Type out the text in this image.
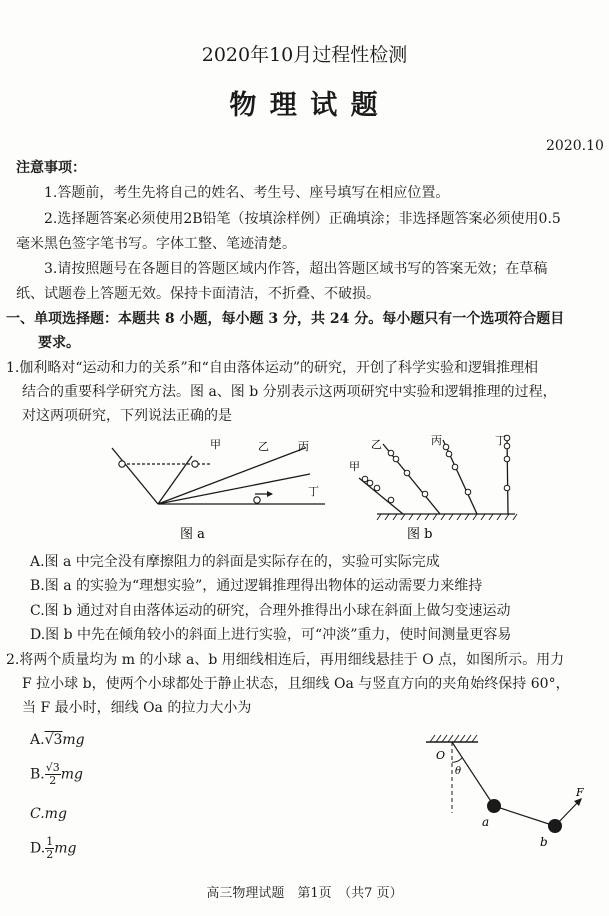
2020年10月过程性检测
物 理 试 题
2020.10
注意事项：
1.答题前，考生先将自己的姓名、考生号、座号填写在相应位置。
2.选择题答案必须使用2B铅笔（按填涂样例）正确填涂；非选择题答案必须使用0.5
毫米黑色签字笔书写。字体工整、笔迹清楚。
3.请按照题号在各题目的答题区域内作答，超出答题区域书写的答案无效；在草稿
纸、试题卷上答题无效。保持卡面清洁，不折叠、不破损。
一、单项选择题：本题共 8 小题，每小题 3 分，共 24 分。每小题只有一个选项符合题目
要求。
1.伽利略对“运动和力的关系”和“自由落体运动”的研究，开创了科学实验和逻辑推理相
结合的重要科学研究方法。图 a、图 b 分别表示这两项研究中实验和逻辑推理的过程，
对这两项研究，下列说法正确的是
甲	乙	丙
丁
图 a
甲
乙	丙	丁
图 b
A.图 a 中完全没有摩擦阻力的斜面是实际存在的，实验可实际完成
B.图 a 的实验为“理想实验”，通过逻辑推理得出物体的运动需要力来维持
C.图 b 通过对自由落体运动的研究，合理外推得出小球在斜面上做匀变速运动
D.图 b 中先在倾角较小的斜面上进行实验，可“冲淡”重力，使时间测量更容易
2.将两个质量均为 m 的小球 a、b 用细线相连后，再用细线悬挂于 O 点，如图所示。用力
F 拉小球 b，使两个小球都处于静止状态，且细线 Oa 与竖直方向的夹角始终保持 60°，
当 F 最小时，细线 Oa 的拉力大小为
A.√3mg
B. $\frac{√3}{2}$ mg
C.mg
D. $\frac{1}{2}$ mg
O
θ
a
b
F
高三物理试题　第1页　（共7 页）
